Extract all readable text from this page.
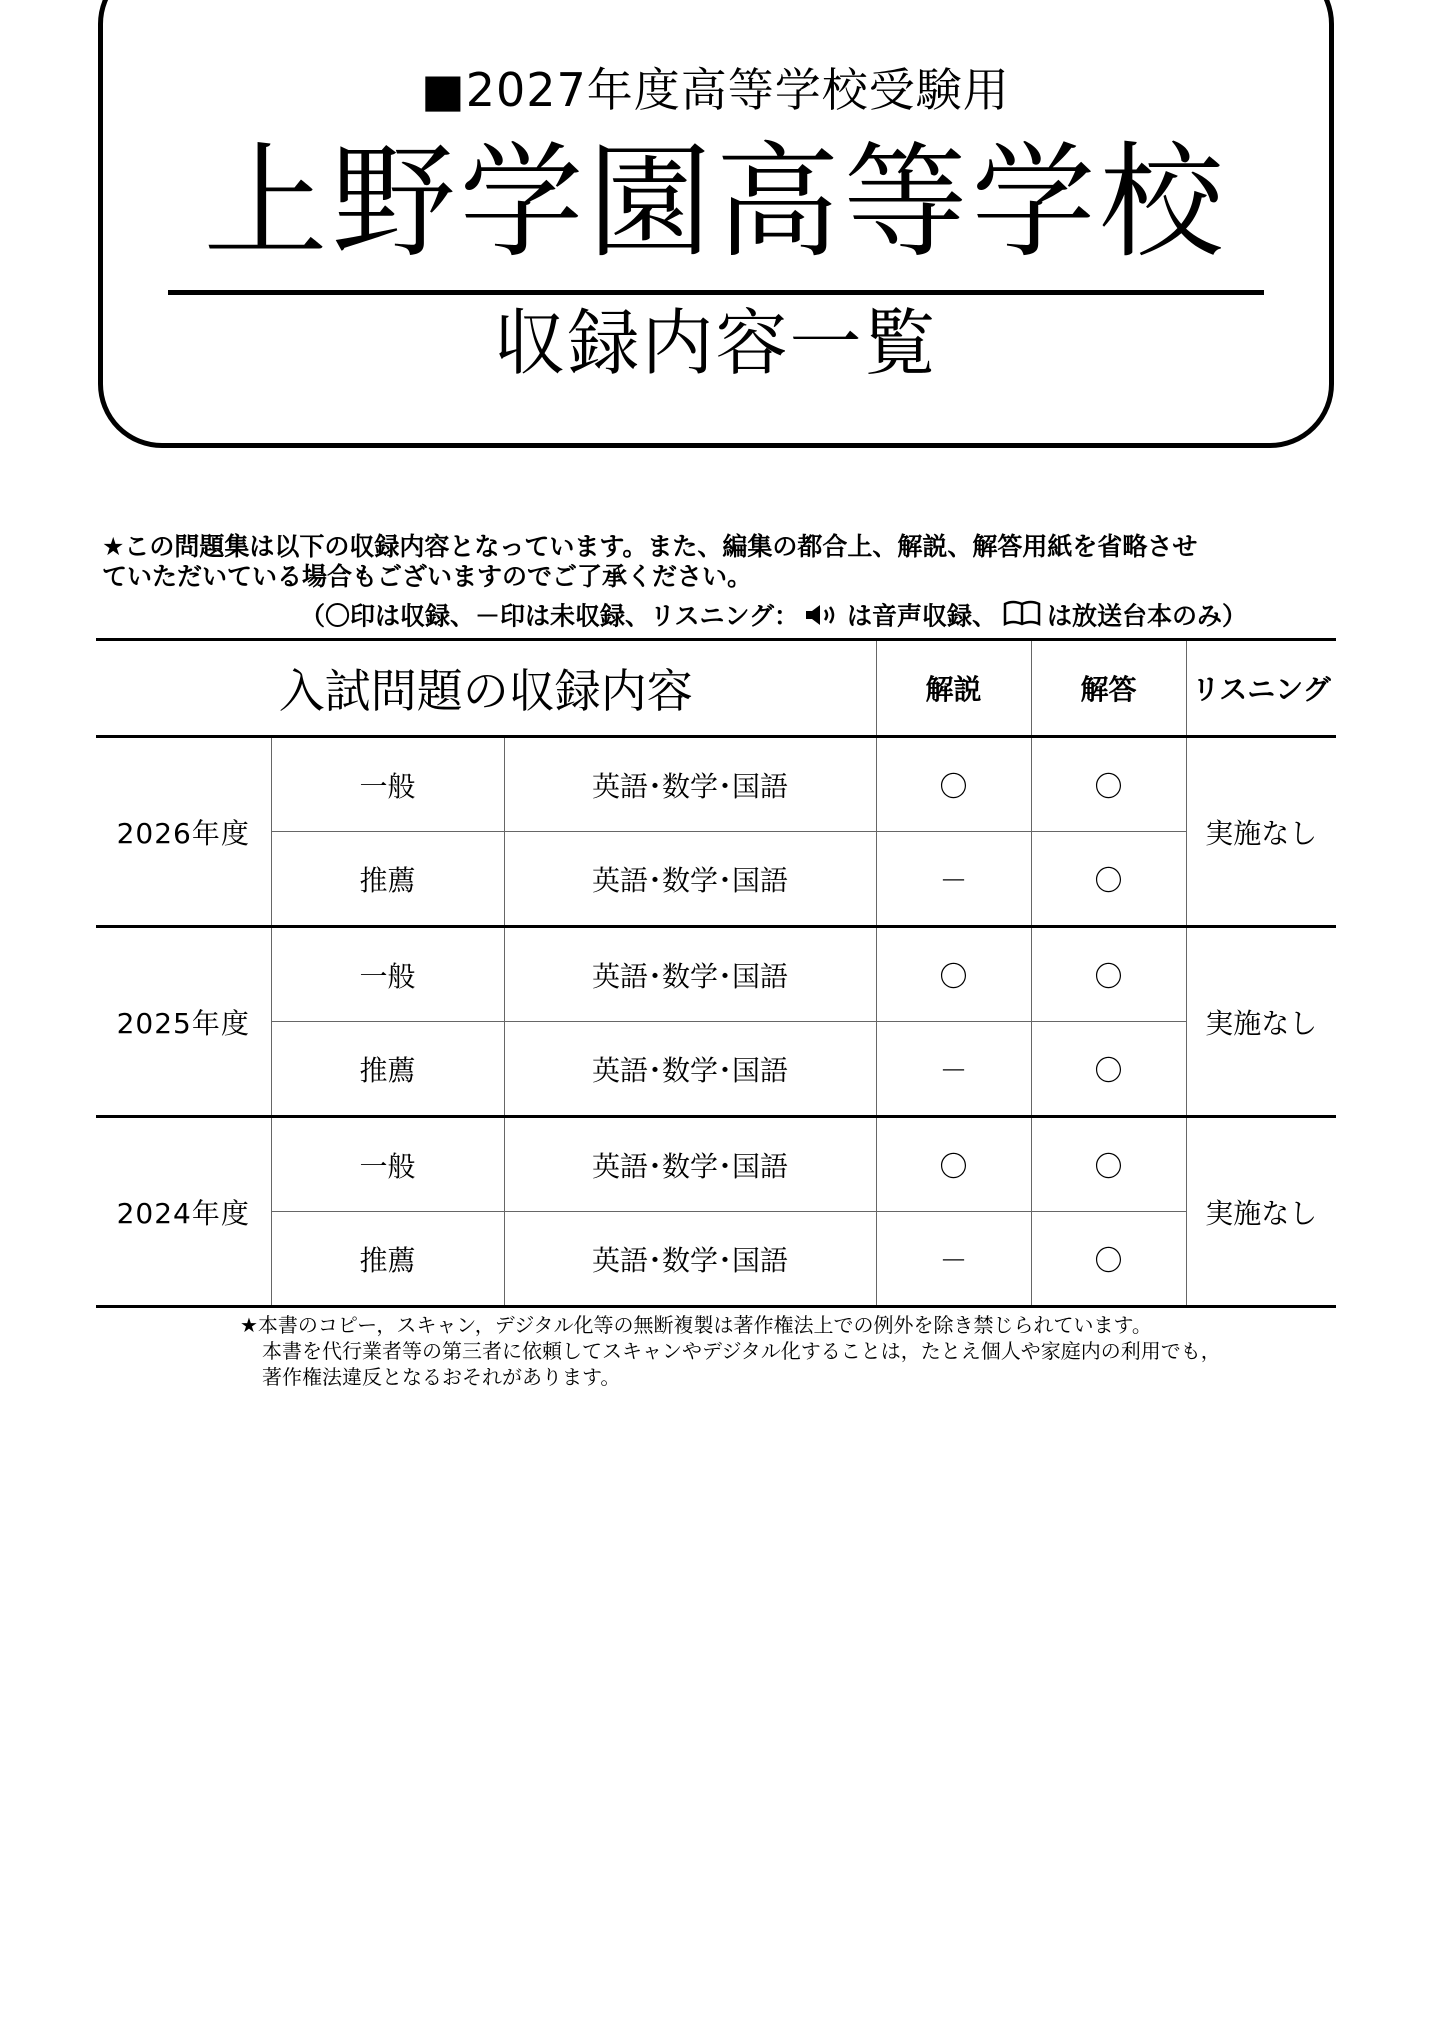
■2027年度高等学校受験用
上野学園高等学校
収録内容一覧
★この問題集は以下の収録内容となっています。また、編集の都合上、解説、解答用紙を省略させ
ていただいている場合もございますのでご了承ください。
（〇印は収録、－印は未収録、リスニング： は音声収録、 は放送台本のみ）
入試問題の収録内容			解説	解答	リスニング
2026年度	一般	英語･数学･国語	〇	〇	実施なし
	推薦	英語･数学･国語	－	〇	
2025年度	一般	英語･数学･国語	〇	〇	実施なし
	推薦	英語･数学･国語	－	〇	
2024年度	一般	英語･数学･国語	〇	〇	実施なし
	推薦	英語･数学･国語	－	〇	
★本書のコピー，スキャン，デジタル化等の無断複製は著作権法上での例外を除き禁じられています。
本書を代行業者等の第三者に依頼してスキャンやデジタル化することは，たとえ個人や家庭内の利用でも，
著作権法違反となるおそれがあります。
